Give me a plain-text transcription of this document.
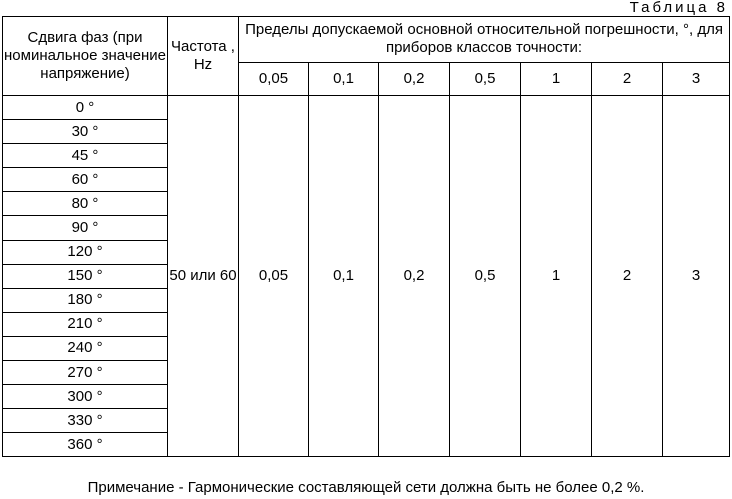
Таблица 8
Сдвига фаз (при номинальное значение напряжение)	Частота , Hz	Пределы допускаемой основной относительной погрешности, °, для приборов классов точности:						
		0,05	0,1	0,2	0,5	1	2	3
0 °	50 или 60	0,05	0,1	0,2	0,5	1	2	3
30 °								
45 °								
60 °								
80 °								
90 °								
120 °								
150 °								
180 °								
210 °								
240 °								
270 °								
300 °								
330 °								
360 °								
Примечание - Гармонические составляющей сети должна быть не более 0,2 %.
